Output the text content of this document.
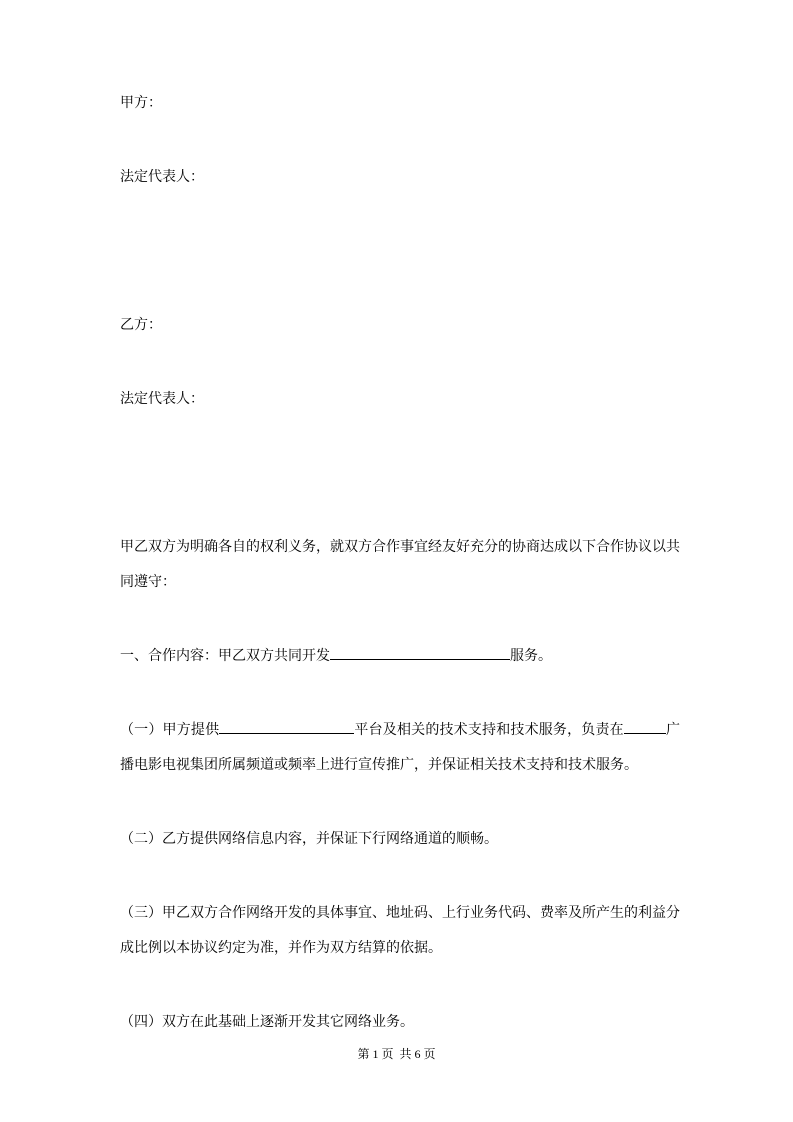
甲方：

法定代表人：

乙方：

法定代表人：

甲乙双方为明确各自的权利义务，就双方合作事宜经友好充分的协商达成以下合作协议以共同遵守：

一、合作内容：甲乙双方共同开发	服务。

（一）甲方提供	平台及相关的技术支持和技术服务，负责在	广播电影电视集团所属频道或频率上进行宣传推广，并保证相关技术支持和技术服务。

（二）乙方提供网络信息内容，并保证下行网络通道的顺畅。

（三）甲乙双方合作网络开发的具体事宜、地址码、上行业务代码、费率及所产生的利益分成比例以本协议约定为准，并作为双方结算的依据。

（四）双方在此基础上逐渐开发其它网络业务。

第 1 页  共 6 页
